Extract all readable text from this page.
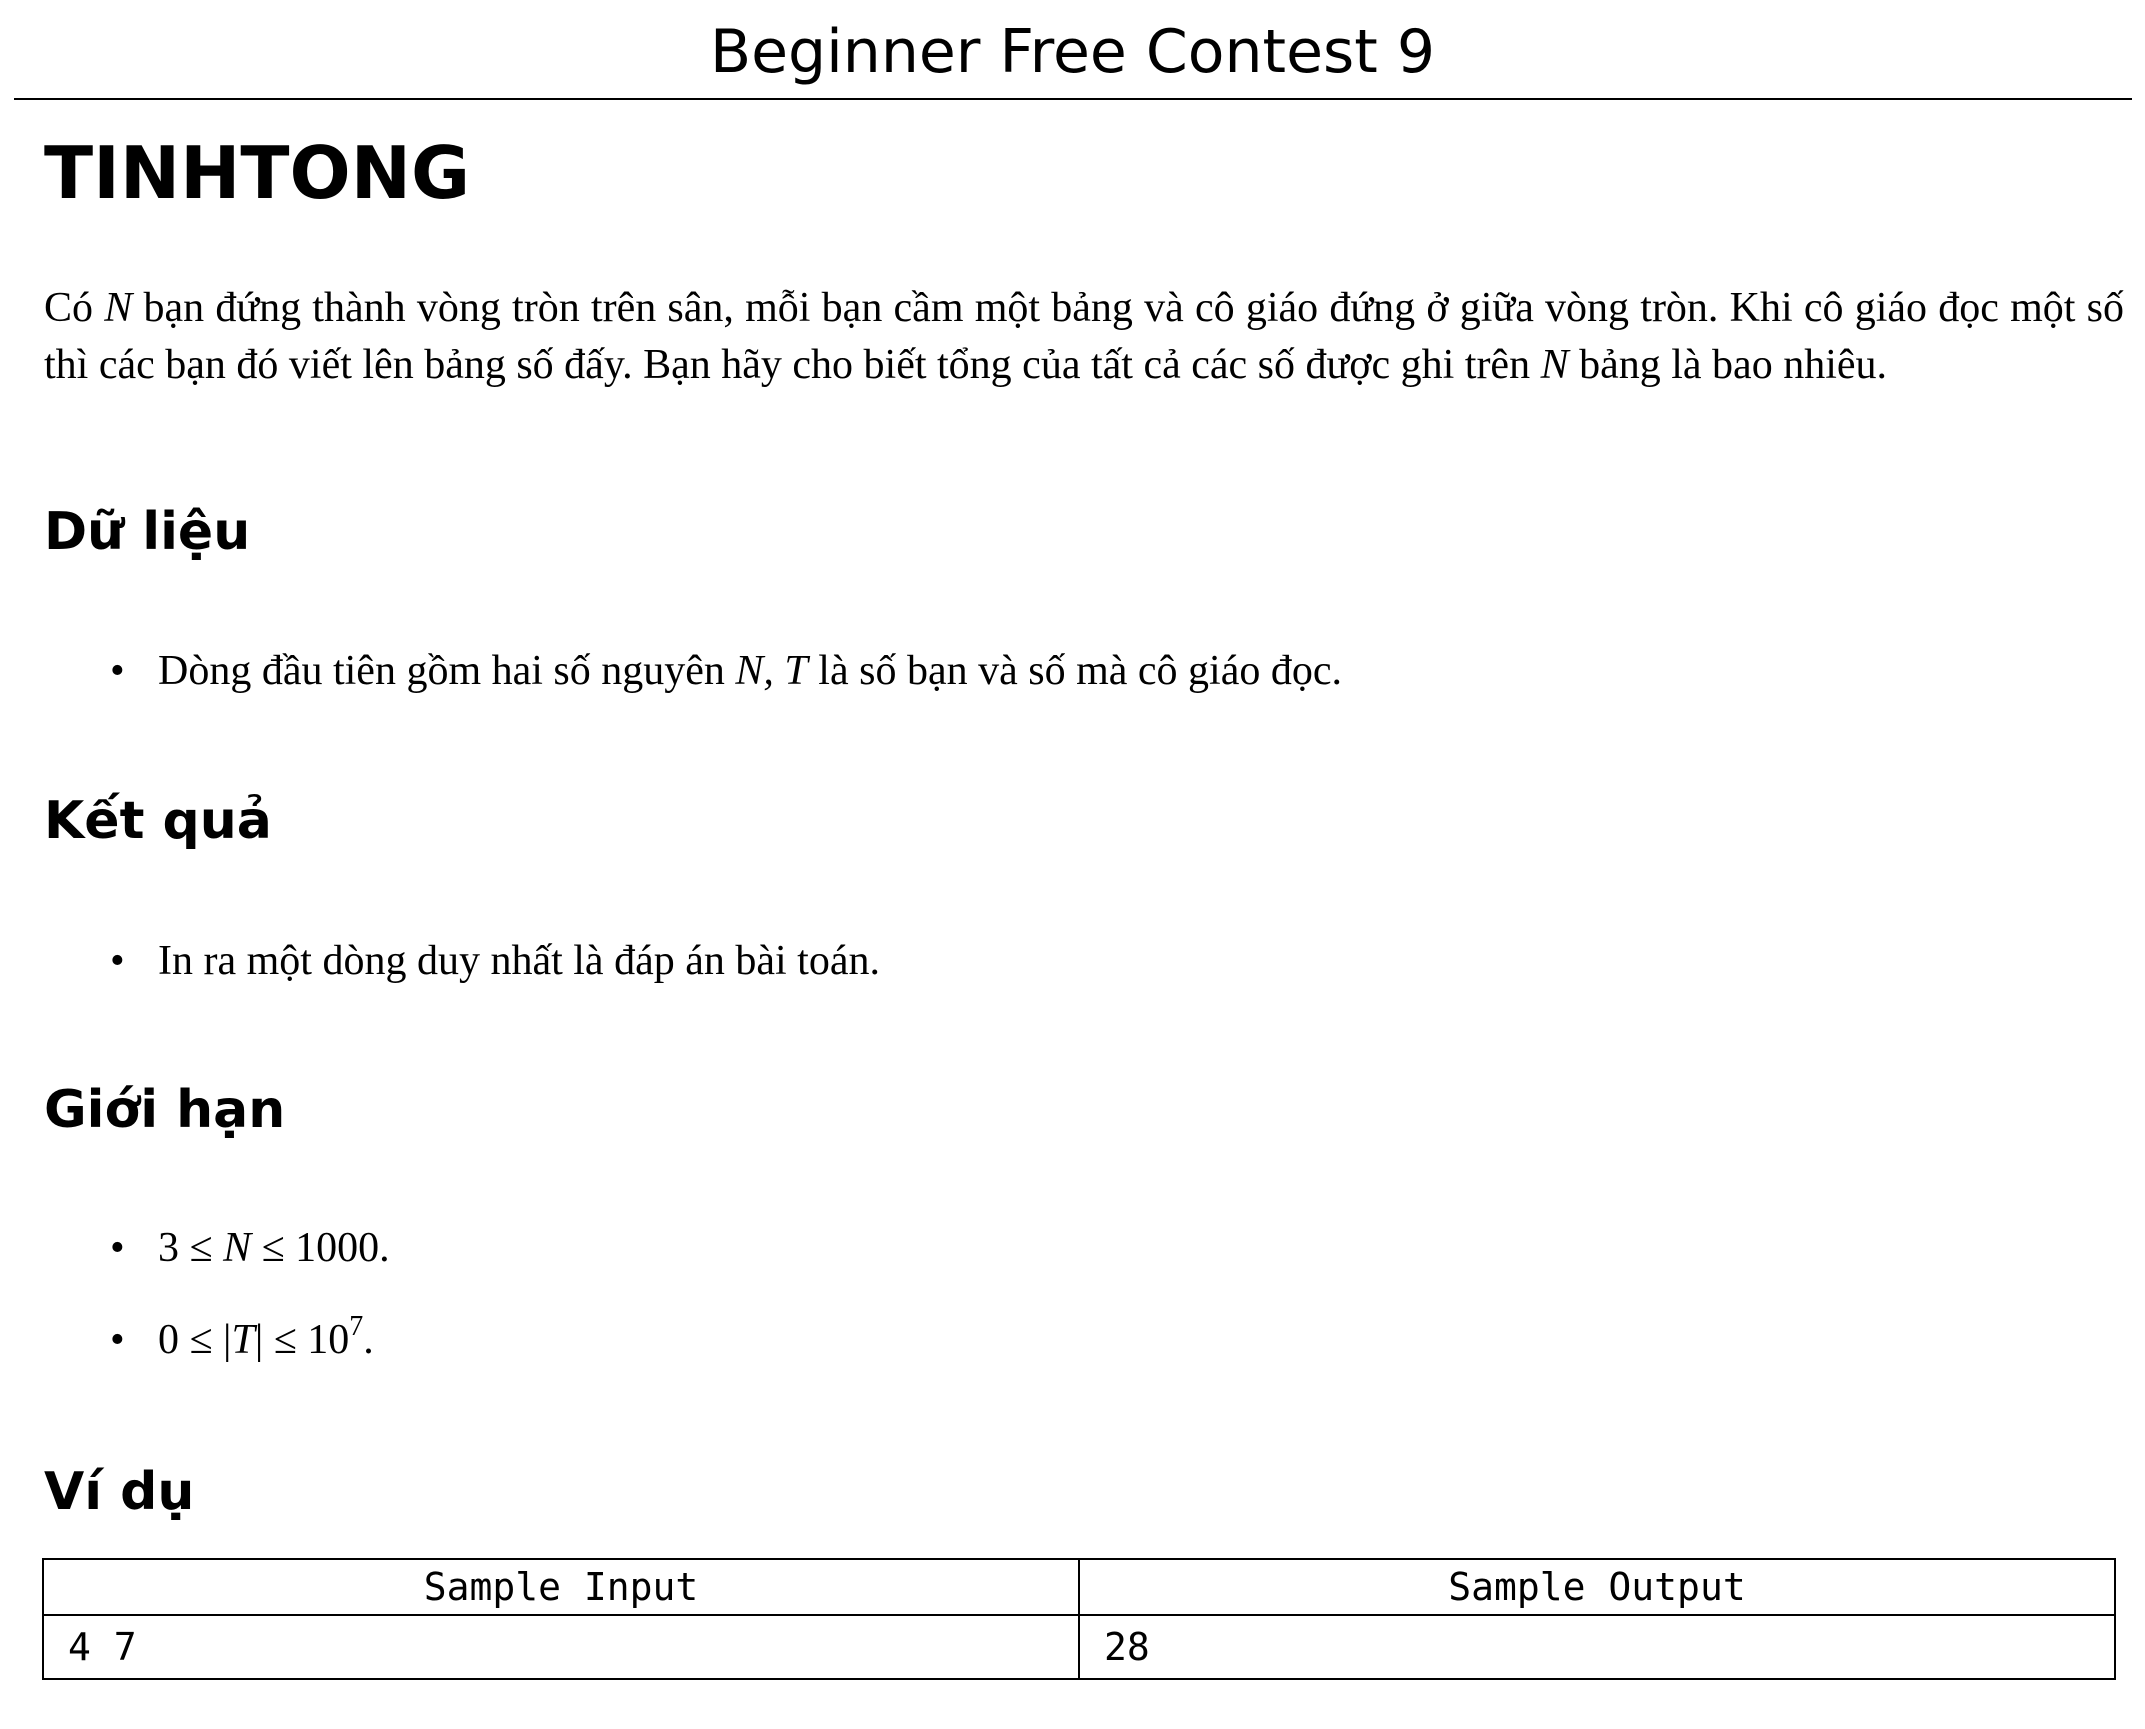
Beginner Free Contest 9
TINHTONG
Có N bạn đứng thành vòng tròn trên sân, mỗi bạn cầm một bảng và cô giáo đứng ở giữa vòng tròn. Khi cô giáo đọc một số thì các bạn đó viết lên bảng số đấy. Bạn hãy cho biết tổng của tất cả các số được ghi trên N bảng là bao nhiêu.
Dữ liệu
• Dòng đầu tiên gồm hai số nguyên N, T là số bạn và số mà cô giáo đọc.
Kết quả
• In ra một dòng duy nhất là đáp án bài toán.
Giới hạn
• 3 ≤ N ≤ 1000.
• $0 \le |T| \le 10^7$.
Ví dụ
Sample Input	Sample Output
4 7	28
